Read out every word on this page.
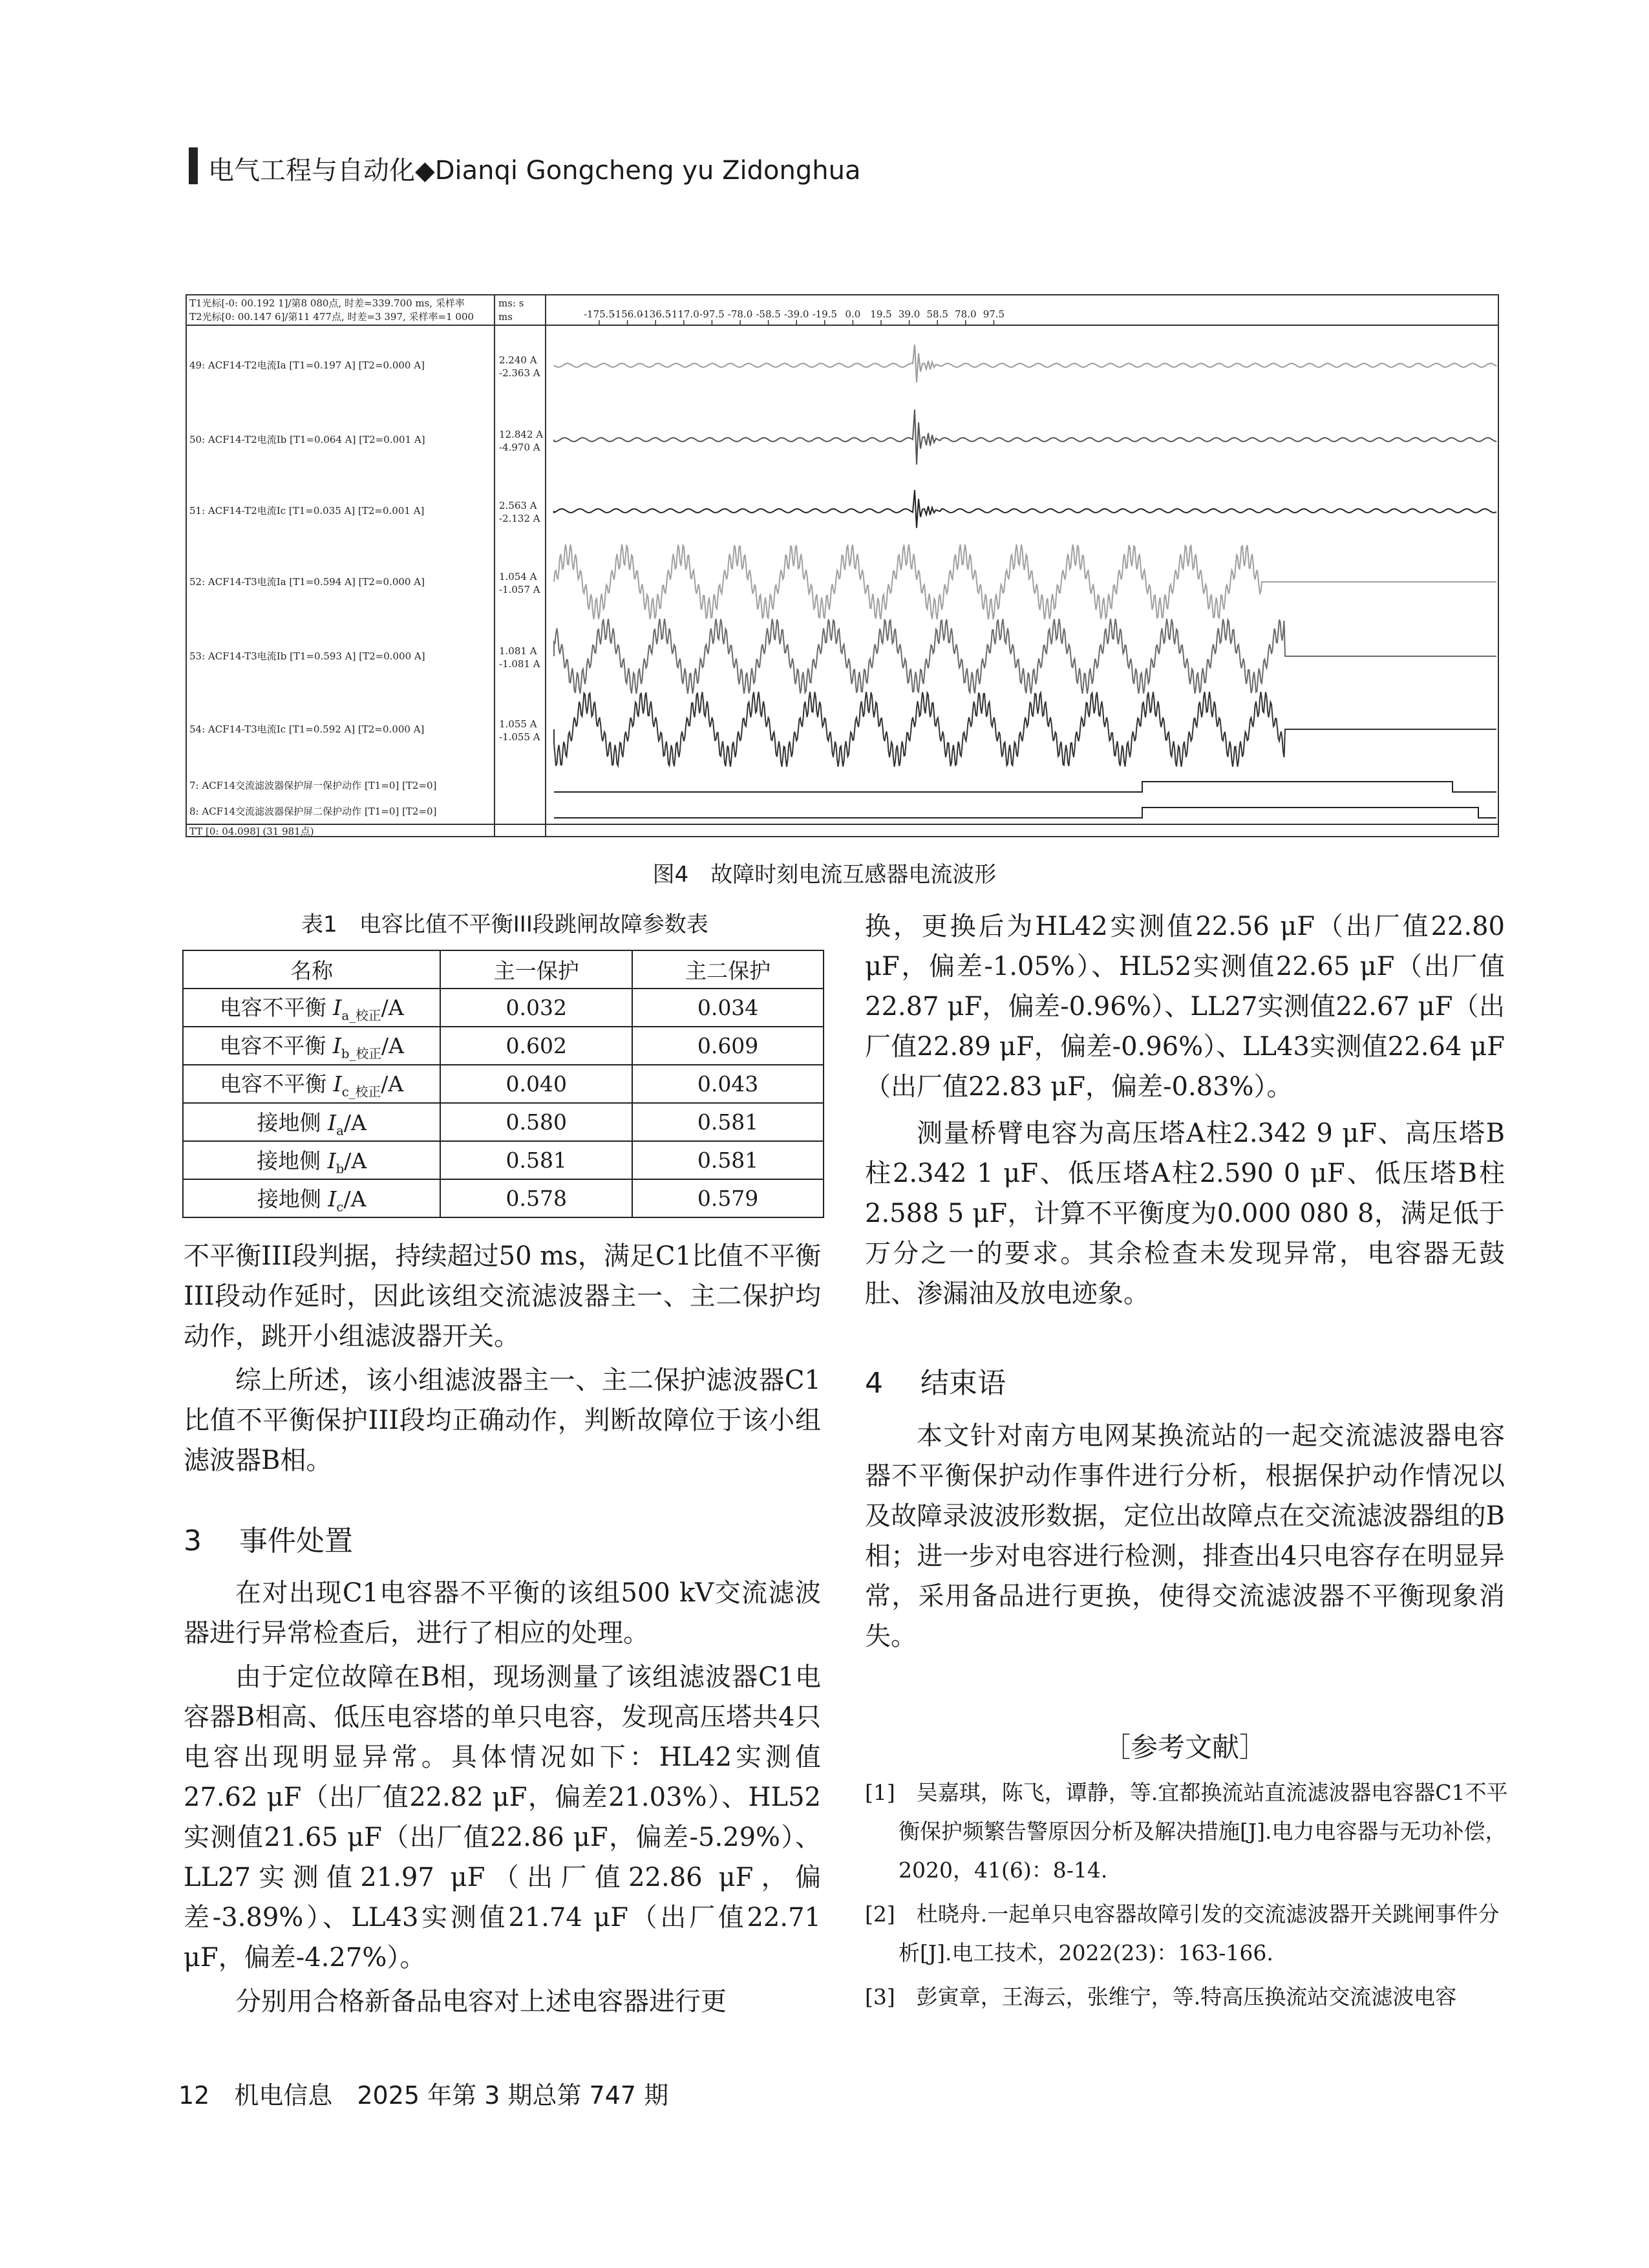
电气工程与自动化◆Dianqi Gongcheng yu Zidonghua
T1光标[-0: 00.192 1]/第8 080点, 时差=339.700 ms, 采样率
T2光标[0: 00.147 6]/第11 477点, 时差=3 397, 采样率=1 000
ms: s
ms	-175.5
-156.0
-136.5
-117.0 -97.5 -78.0 -58.5 -39.0 -19.5 0.0 19.5 39.0 58.5 78.0 97.5
49: ACF14-T2电流Ia [T1=0.197 A] [T2=0.000 A]	2.240 A
-2.363 A
50: ACF14-T2电流Ib [T1=0.064 A] [T2=0.001 A]	12.842 A
-4.970 A
51: ACF14-T2电流Ic [T1=0.035 A] [T2=0.001 A]	2.563 A
-2.132 A
52: ACF14-T3电流Ia [T1=0.594 A] [T2=0.000 A]	1.054 A
-1.057 A
53: ACF14-T3电流Ib [T1=0.593 A] [T2=0.000 A]	1.081 A
-1.081 A
54: ACF14-T3电流Ic [T1=0.592 A] [T2=0.000 A]	1.055 A
-1.055 A
7: ACF14交流滤波器保护屏一保护动作 [T1=0] [T2=0]
8: ACF14交流滤波器保护屏二保护动作 [T1=0] [T2=0]
TT [0: 04.098] (31 981点)
图4　故障时刻电流互感器电流波形
表1　电容比值不平衡III段跳闸故障参数表
名称	主一保护	主二保护
电容不平衡 $I_{a\_校正}/A$	0.032	0.034
电容不平衡 $I_{b\_校正}/A$	0.602	0.609
电容不平衡 $I_{c\_校正}/A$	0.040	0.043
接地侧 $I_a/A$	0.580	0.581
接地侧 $I_b/A$	0.581	0.581
接地侧 $I_c/A$	0.578	0.579

不平衡III段判据，持续超过50 ms，满足C1比值不平衡III段动作延时，因此该组交流滤波器主一、主二保护均动作，跳开小组滤波器开关。

综上所述，该小组滤波器主一、主二保护滤波器C1比值不平衡保护III段均正确动作，判断故障位于该小组滤波器B相。

3 事件处置

在对出现C1电容器不平衡的该组500 kV交流滤波器进行异常检查后，进行了相应的处理。

由于定位故障在B相，现场测量了该组滤波器C1电容器B相高、低压电容塔的单只电容，发现高压塔共4只电容出现明显异常。具体情况如下：HL42实测值27.62 μF（出厂值22.82 μF，偏差21.03%）、HL52实测值21.65 μF（出厂值22.86 μF，偏差-5.29%）、LL27实测值21.97 μF（出厂值22.86 μF，偏差-3.89%）、LL43实测值21.74 μF（出厂值22.71 μF，偏差-4.27%）。

分别用合格新备品电容对上述电容器进行更

换，更换后为HL42实测值22.56 μF（出厂值22.80 μF，偏差-1.05%）、HL52实测值22.65 μF（出厂值22.87 μF，偏差-0.96%）、LL27实测值22.67 μF（出厂值22.89 μF，偏差-0.96%）、LL43实测值22.64 μF（出厂值22.83 μF，偏差-0.83%）。

测量桥臂电容为高压塔A柱2.342 9 μF、高压塔B柱2.342 1 μF、低压塔A柱2.590 0 μF、低压塔B柱2.588 5 μF，计算不平衡度为0.000 080 8，满足低于万分之一的要求。其余检查未发现异常，电容器无鼓肚、渗漏油及放电迹象。

4 结束语

本文针对南方电网某换流站的一起交流滤波器电容器不平衡保护动作事件进行分析，根据保护动作情况以及故障录波波形数据，定位出故障点在交流滤波器组的B相；进一步对电容进行检测，排查出4只电容存在明显异常，采用备品进行更换，使得交流滤波器不平衡现象消失。

［参考文献］

[1]　吴嘉琪，陈飞，谭静，等.宜都换流站直流滤波器电容器C1不平衡保护频繁告警原因分析及解决措施[J].电力电容器与无功补偿，2020，41(6)：8-14.

[2]　杜晓舟.一起单只电容器故障引发的交流滤波器开关跳闸事件分析[J].电工技术，2022(23)：163-166.

[3]　彭寅章，王海云，张维宁，等.特高压换流站交流滤波电容

12　机电信息　2025 年第 3 期总第 747 期
